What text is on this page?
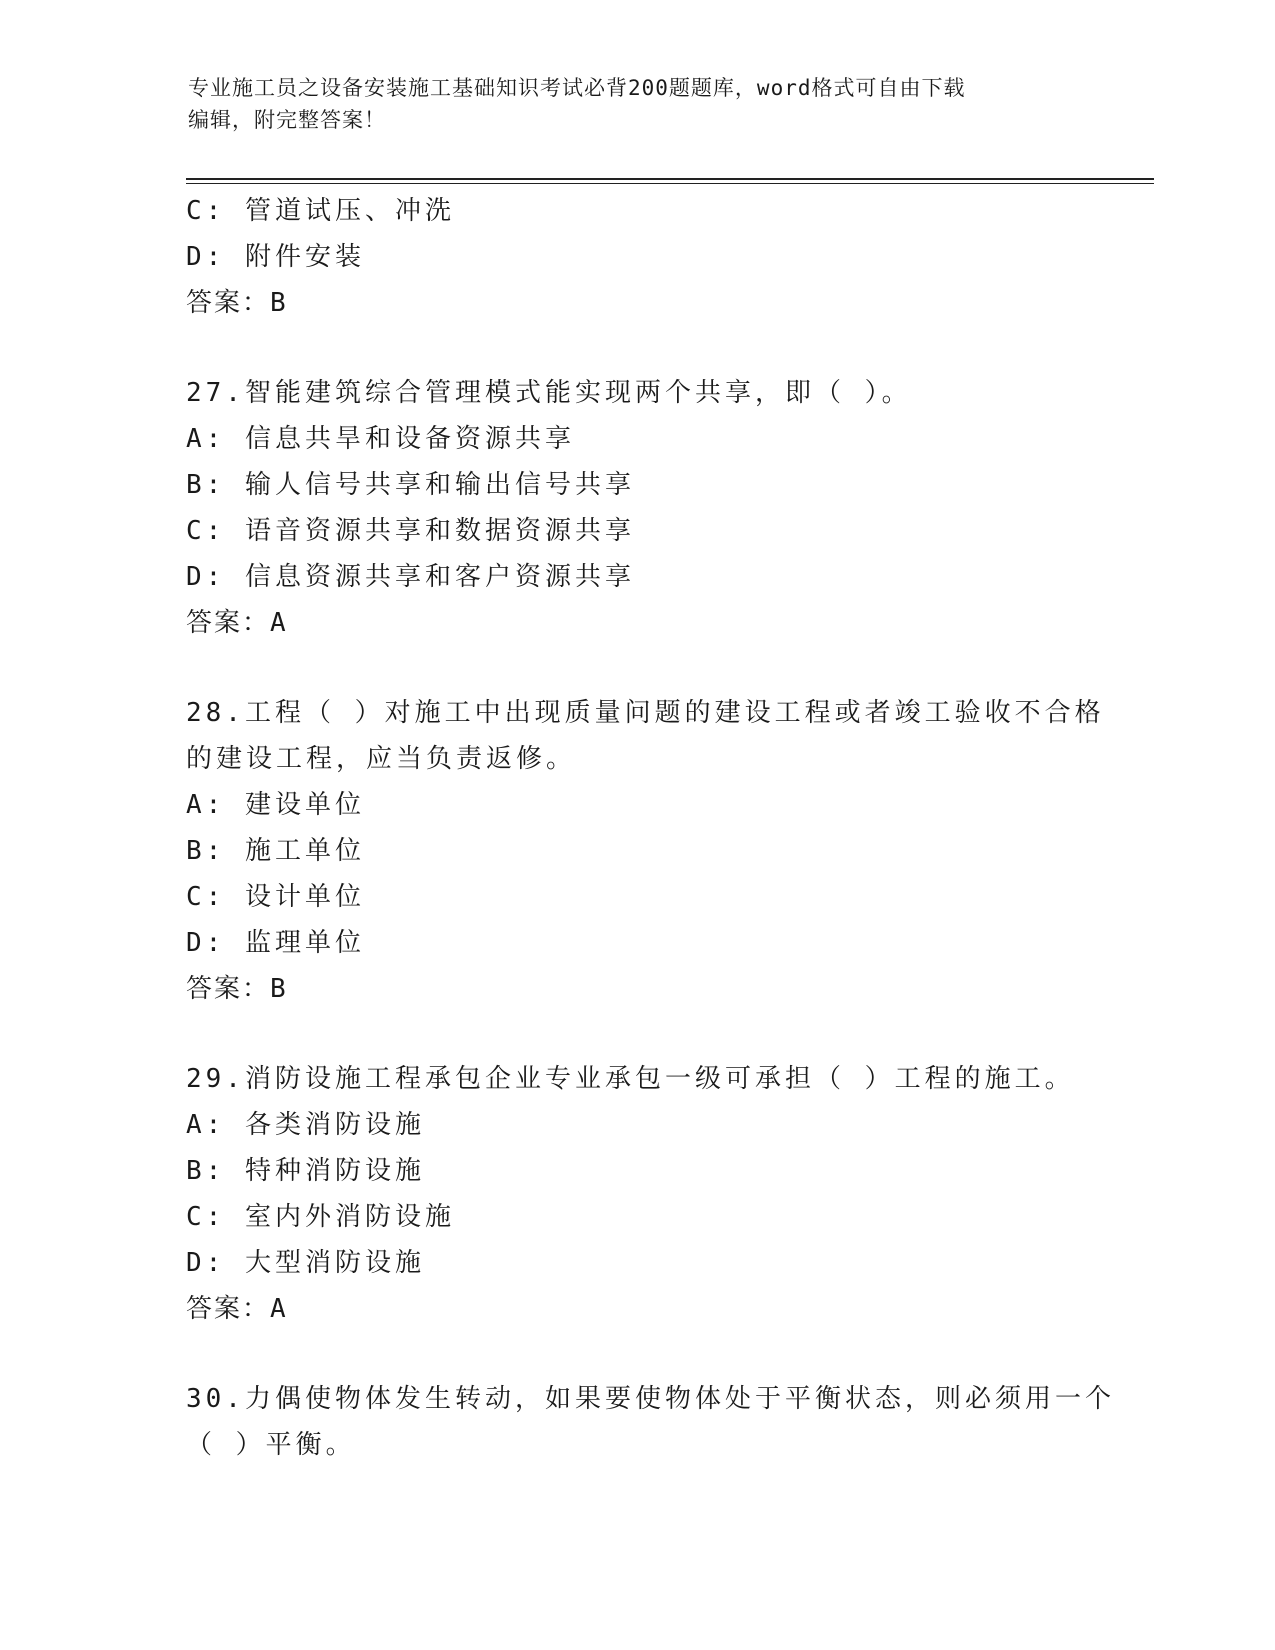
专业施工员之设备安装施工基础知识考试必背200题题库，word格式可自由下载
编辑，附完整答案！
C: 管道试压、冲洗
D: 附件安装
答案：B
27.智能建筑综合管理模式能实现两个共享，即（ ）。
A: 信息共旱和设备资源共享
B: 输人信号共享和输出信号共享
C: 语音资源共享和数据资源共享
D: 信息资源共享和客户资源共享
答案：A
28.工程（ ）对施工中出现质量问题的建设工程或者竣工验收不合格
的建设工程，应当负责返修。
A: 建设单位
B: 施工单位
C: 设计单位
D: 监理单位
答案：B
29.消防设施工程承包企业专业承包一级可承担（ ）工程的施工。
A: 各类消防设施
B: 特种消防设施
C: 室内外消防设施
D: 大型消防设施
答案：A
30.力偶使物体发生转动，如果要使物体处于平衡状态，则必须用一个
（ ）平衡。
